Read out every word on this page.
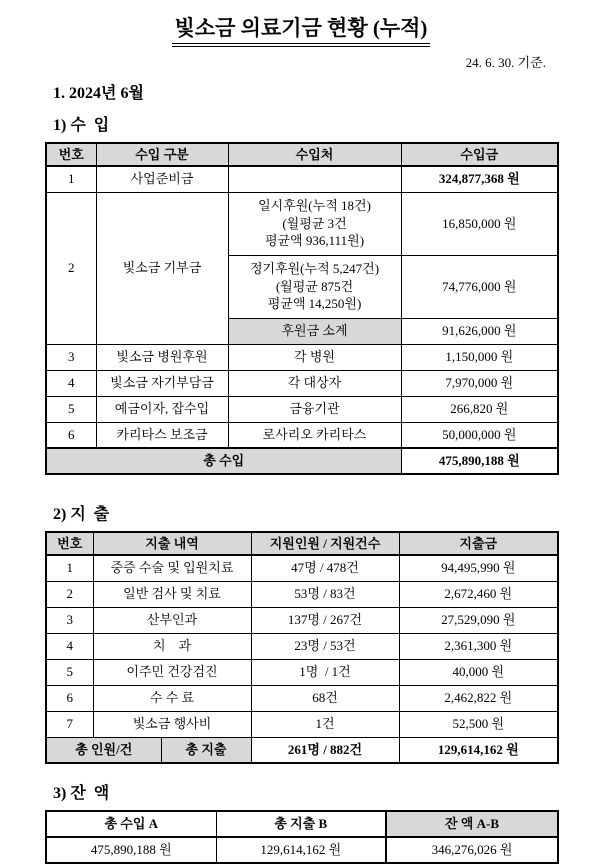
빛소금 의료기금 현황 (누적)
24. 6. 30. 기준.
1. 2024년 6월
1) 수  입
번호	수입 구분	수입처	수입금
1	사업준비금		324,877,368 원
2	빛소금 기부금	일시후원(누적 18건)
(월평균 3건
평균액 936,111원)	16,850,000 원

		정기후원(누적 5,247건)
(월평균 875건
평균액 14,250원)	74,776,000 원
		후원금 소계	91,626,000 원
3	빛소금 병원후원	각 병원	1,150,000 원
4	빛소금 자기부담금	각 대상자	7,970,000 원
5	예금이자, 잡수입	금융기관	266,820 원
6	카리타스 보조금	로사리오 카리타스	50,000,000 원
총 수입			475,890,188 원
2) 지  출
번호	지출 내역		지원인원 / 지원건수	지출금
1	중증 수술 및 입원치료		47명 / 478건	94,495,990 원
2	일반 검사 및 치료		53명 / 83건	2,672,460 원
3	산부인과		137명 / 267건	27,529,090 원
4	치    과		23명 / 53건	2,361,300 원
5	이주민 건강검진		1명  / 1건	40,000 원
6	수 수 료		68건	2,462,822 원
7	빛소금 행사비		1건	52,500 원
총 인원/건		총 지출	261명 / 882건	129,614,162 원
3) 잔  액
총 수입 A	총 지출 B	잔 액 A-B
475,890,188 원	129,614,162 원	346,276,026 원
